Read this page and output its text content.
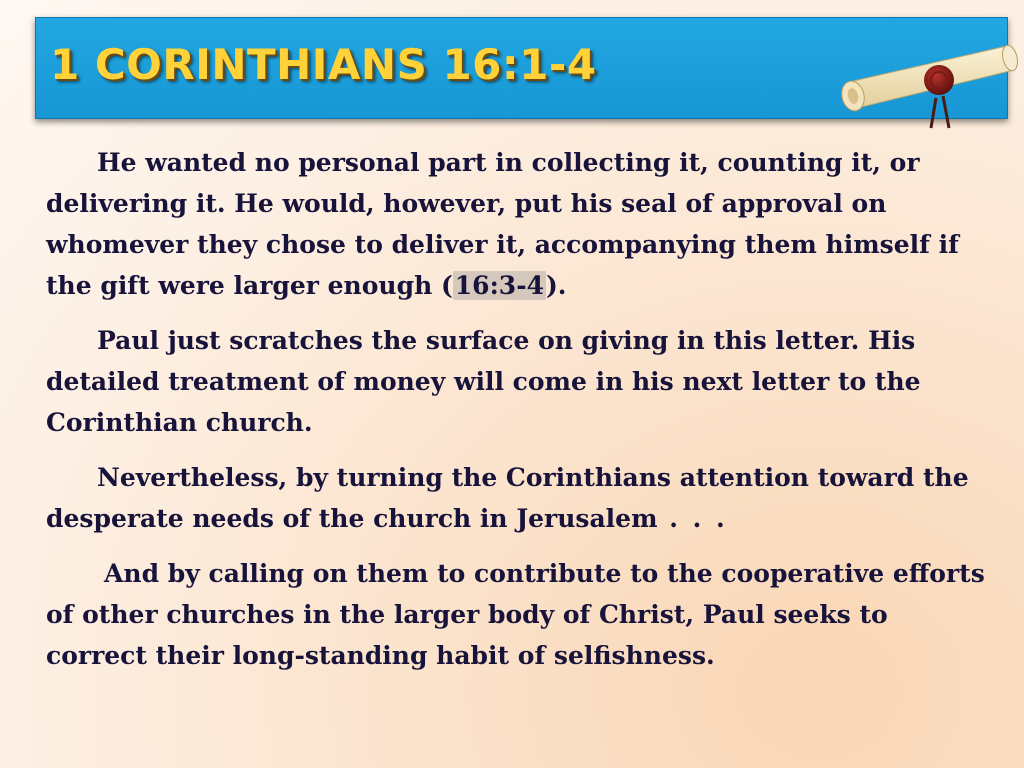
1 CORINTHIANS 16:1-4

He wanted no personal part in collecting it, counting it, or delivering it. He would, however, put his seal of approval on whomever they chose to deliver it, accompanying them himself if the gift were larger enough (16:3-4).

Paul just scratches the surface on giving in this letter. His detailed treatment of money will come in his next letter to the Corinthian church.

Nevertheless, by turning the Corinthians attention toward the desperate needs of the church in Jerusalem . . .

And by calling on them to contribute to the cooperative efforts of other churches in the larger body of Christ, Paul seeks to correct their long-standing habit of selfishness.
